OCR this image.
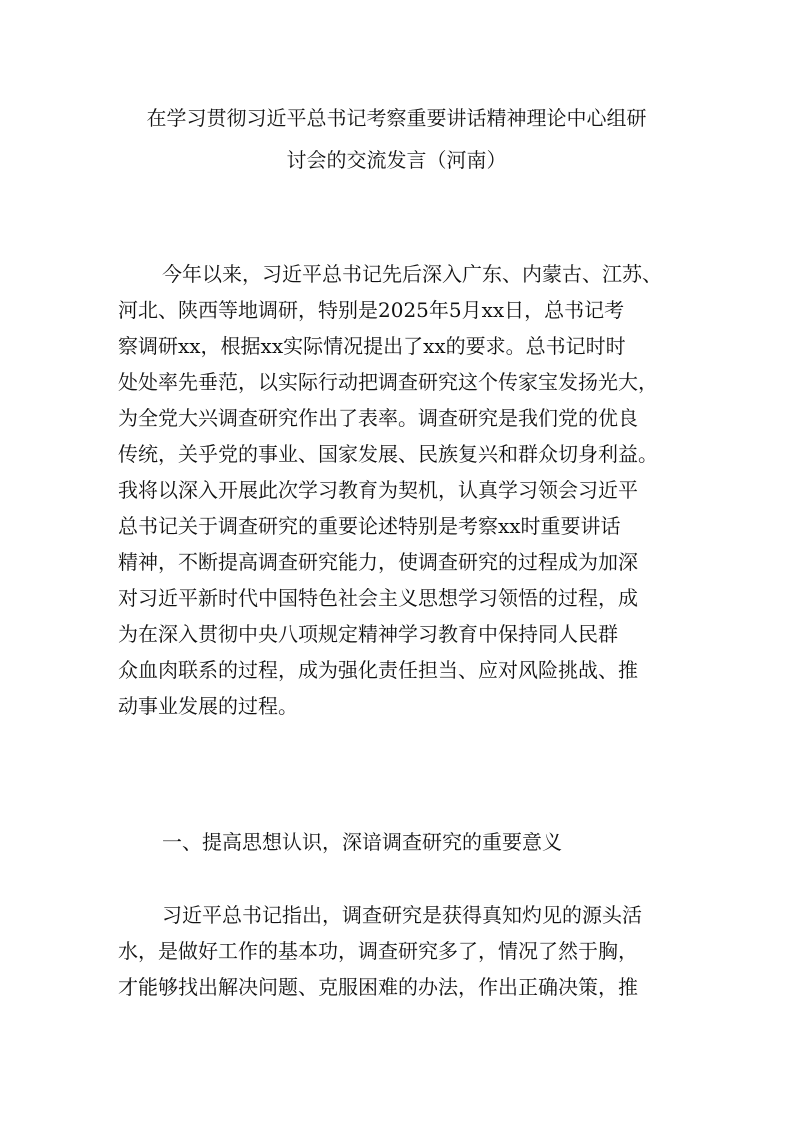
在学习贯彻习近平总书记考察重要讲话精神理论中心组研
讨会的交流发言（河南）
今年以来，习近平总书记先后深入广东、内蒙古、江苏、
河北、陕西等地调研，特别是2025年5月xx日，总书记考
察调研xx，根据xx实际情况提出了xx的要求。总书记时时
处处率先垂范，以实际行动把调查研究这个传家宝发扬光大，
为全党大兴调查研究作出了表率。调查研究是我们党的优良
传统，关乎党的事业、国家发展、民族复兴和群众切身利益。
我将以深入开展此次学习教育为契机，认真学习领会习近平
总书记关于调查研究的重要论述特别是考察xx时重要讲话
精神，不断提高调查研究能力，使调查研究的过程成为加深
对习近平新时代中国特色社会主义思想学习领悟的过程，成
为在深入贯彻中央八项规定精神学习教育中保持同人民群
众血肉联系的过程，成为强化责任担当、应对风险挑战、推
动事业发展的过程。
一、提高思想认识，深谙调查研究的重要意义
习近平总书记指出，调查研究是获得真知灼见的源头活
水，是做好工作的基本功，调查研究多了，情况了然于胸，
才能够找出解决问题、克服困难的办法，作出正确决策，推
